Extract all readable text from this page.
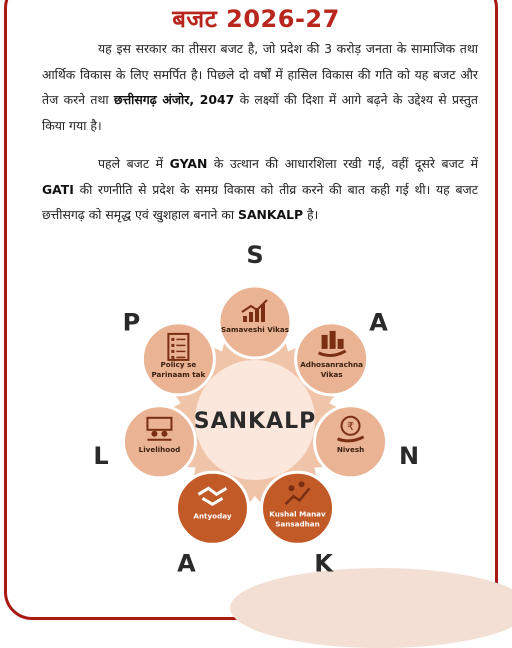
बजट 2026-27
यह इस सरकार का तीसरा बजट है, जो प्रदेश की 3 करोड़ जनता के सामाजिक तथा आर्थिक विकास के लिए समर्पित है। पिछले दो वर्षों में हासिल विकास की गति को यह बजट और तेज करने तथा छत्तीसगढ़ अंजोर, 2047 के लक्ष्यों की दिशा में आगे बढ़ने के उद्देश्य से प्रस्तुत किया गया है।
पहले बजट में GYAN के उत्थान की आधारशिला रखी गई, वहीं दूसरे बजट में GATI की रणनीति से प्रदेश के समग्र विकास को तीव्र करने की बात कही गई थी। यह बजट छत्तीसगढ़ को समृद्ध एवं खुशहाल बनाने का SANKALP है।
SANKALP
Samaveshi Vikas
S
Adhosanrachna
Vikas
A
₹
Nivesh N
Kushal Manav
Sansadhan
K
Antyoday
A
Livelihood
L
Policy se
Parinaam tak
P
